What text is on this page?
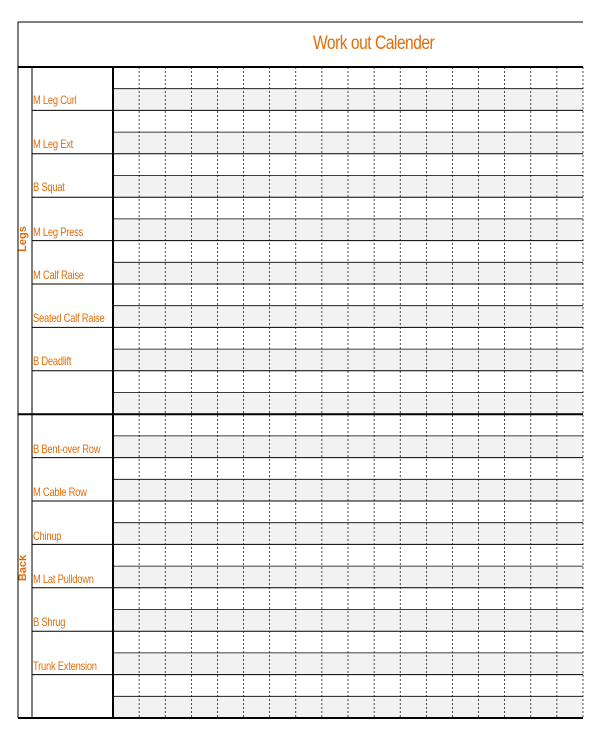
Work out Calender
Legs
Back
M Leg Curl
M Leg Ext
B Squat
M Leg Press
M Calf Raise
Seated Calf Raise
B Deadlift
B Bent-over Row
M Cable Row
Chinup
M Lat Pulldown
B Shrug
Trunk Extension
